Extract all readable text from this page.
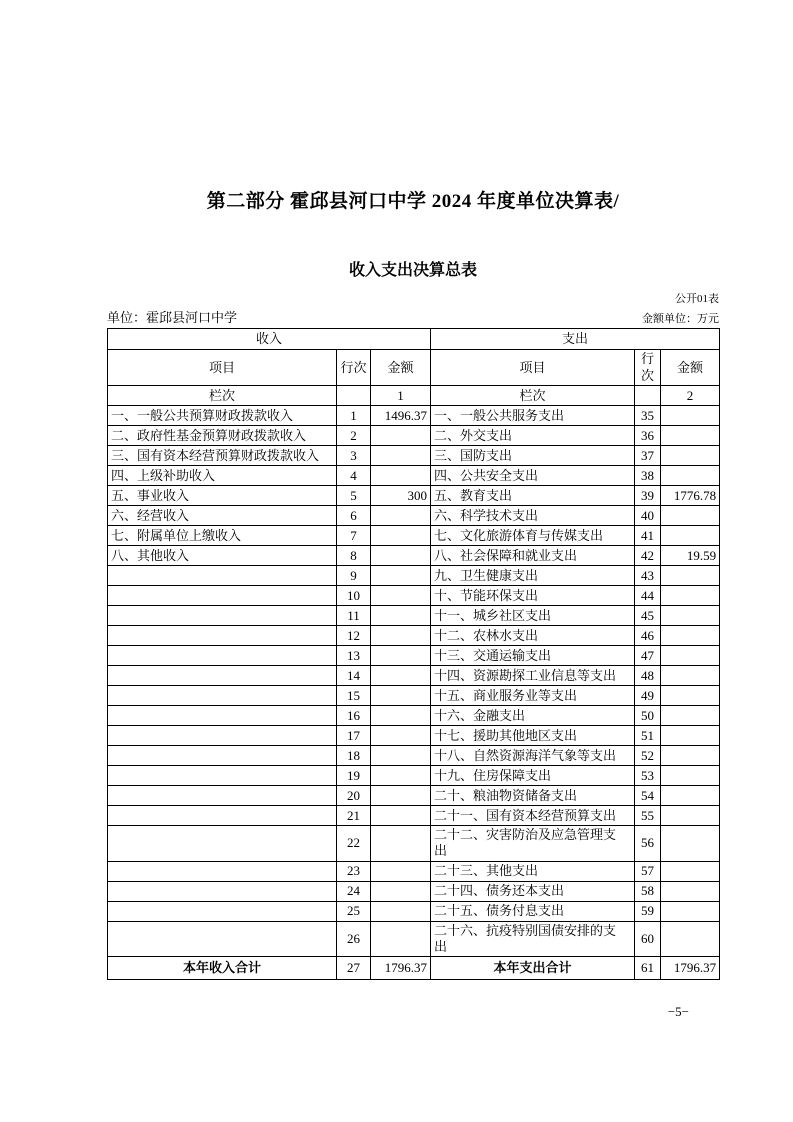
第二部分 霍邱县河口中学 2024 年度单位决算表/
收入支出决算总表
公开01表
单位：霍邱县河口中学	金额单位：万元
收入			支出		
项目	行次	金额	项目	行次	金额
栏次		1	栏次		2
一、一般公共预算财政拨款收入	1	1496.37	一、一般公共服务支出	35	
二、政府性基金预算财政拨款收入	2		二、外交支出	36	
三、国有资本经营预算财政拨款收入	3		三、国防支出	37	
四、上级补助收入	4		四、公共安全支出	38	
五、事业收入	5	300	五、教育支出	39	1776.78
六、经营收入	6		六、科学技术支出	40	
七、附属单位上缴收入	7		七、文化旅游体育与传媒支出	41	
八、其他收入	8		八、社会保障和就业支出	42	19.59
	9		九、卫生健康支出	43	
	10		十、节能环保支出	44	
	11		十一、城乡社区支出	45	
	12		十二、农林水支出	46	
	13		十三、交通运输支出	47	
	14		十四、资源勘探工业信息等支出	48	
	15		十五、商业服务业等支出	49	
	16		十六、金融支出	50	
	17		十七、援助其他地区支出	51	
	18		十八、自然资源海洋气象等支出	52	
	19		十九、住房保障支出	53	
	20		二十、粮油物资储备支出	54	
	21		二十一、国有资本经营预算支出	55	
	22		二十二、灾害防治及应急管理支出	56	
	23		二十三、其他支出	57	
	24		二十四、债务还本支出	58	
	25		二十五、债务付息支出	59	
	26		二十六、抗疫特别国债安排的支出	60	
本年收入合计	27	1796.37	本年支出合计	61	1796.37
−5−
